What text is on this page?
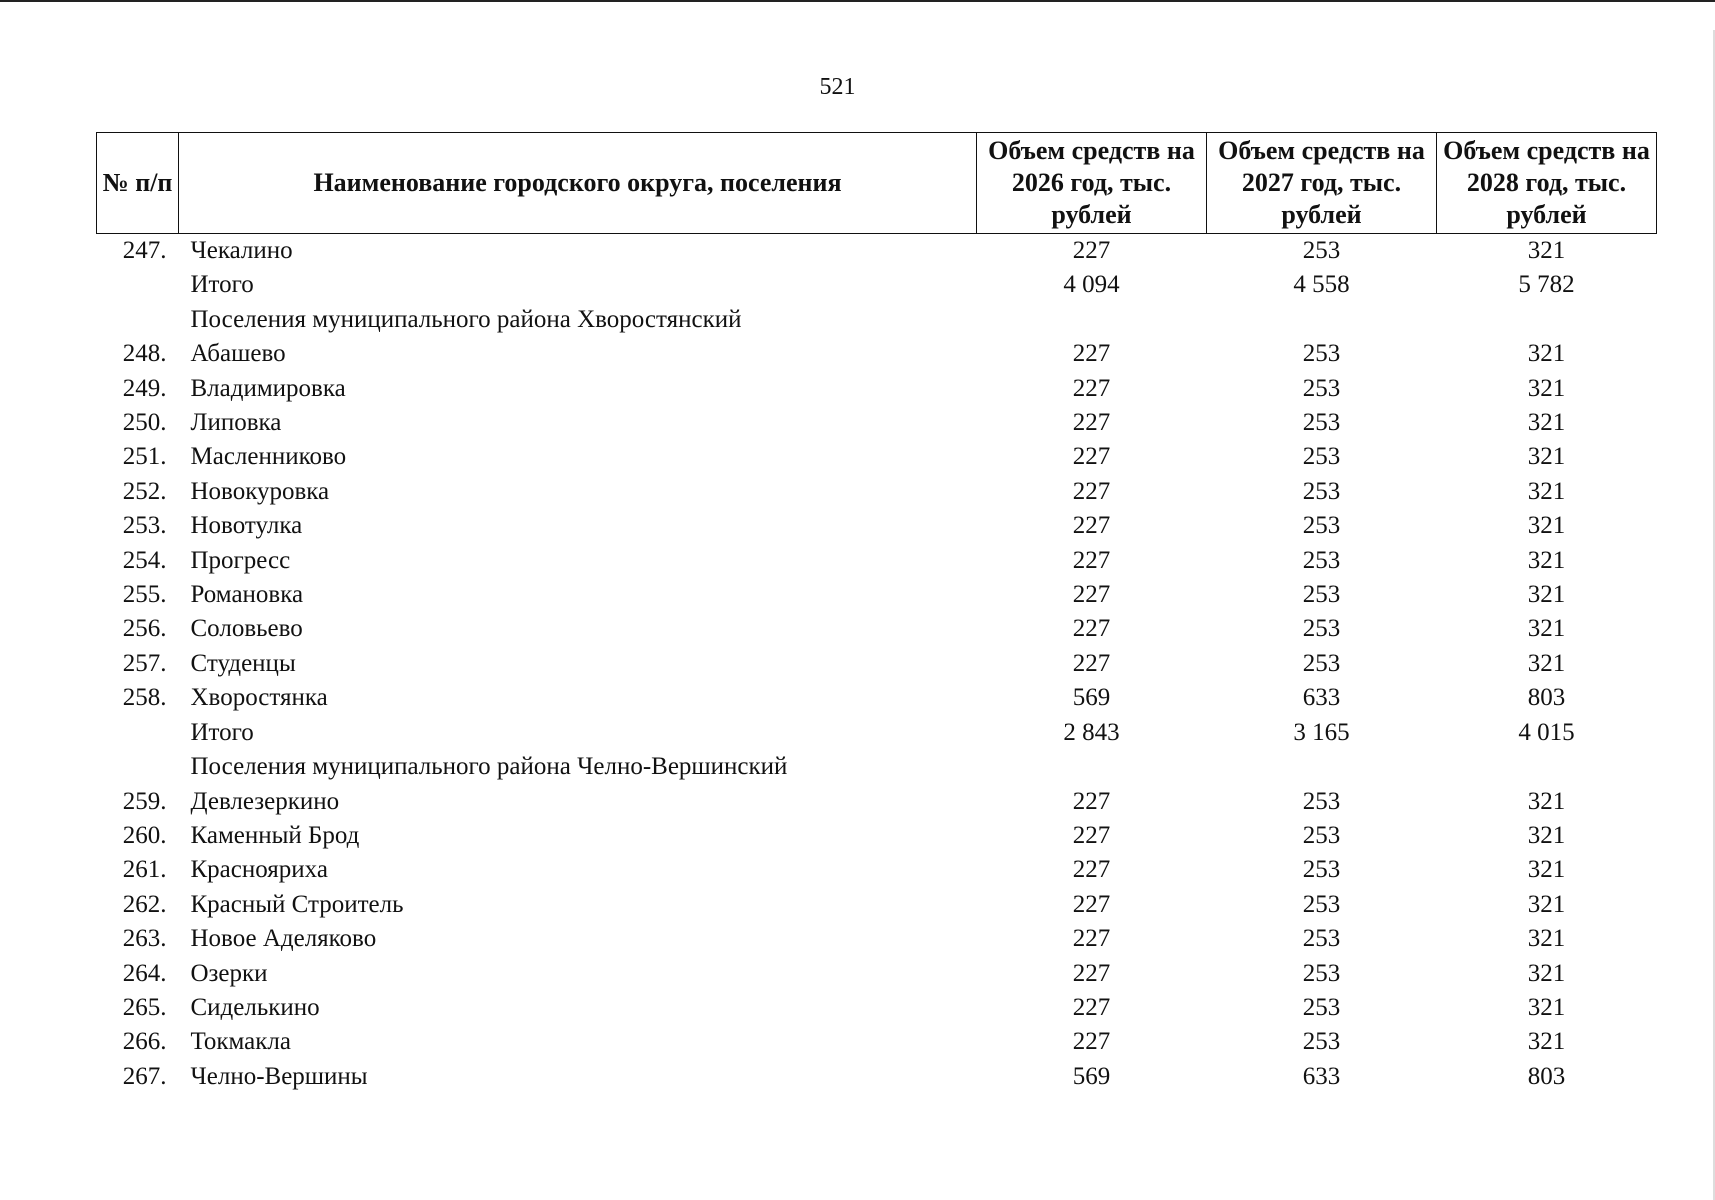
521
№ п/п	Наименование городского округа, поселения	Объем средств на 2026 год, тыс. рублей	Объем средств на 2027 год, тыс. рублей	Объем средств на 2028 год, тыс. рублей
247.	Чекалино	227	253	321
	Итого	4 094	4 558	5 782
	Поселения муниципального района Хворостянский			
248.	Абашево	227	253	321
249.	Владимировка	227	253	321
250.	Липовка	227	253	321
251.	Масленниково	227	253	321
252.	Новокуровка	227	253	321
253.	Новотулка	227	253	321
254.	Прогресс	227	253	321
255.	Романовка	227	253	321
256.	Соловьево	227	253	321
257.	Студенцы	227	253	321
258.	Хворостянка	569	633	803
	Итого	2 843	3 165	4 015
	Поселения муниципального района Челно-Вершинский			
259.	Девлезеркино	227	253	321
260.	Каменный Брод	227	253	321
261.	Краснояриха	227	253	321
262.	Красный Строитель	227	253	321
263.	Новое Аделяково	227	253	321
264.	Озерки	227	253	321
265.	Сиделькино	227	253	321
266.	Токмакла	227	253	321
267.	Челно-Вершины	569	633	803
